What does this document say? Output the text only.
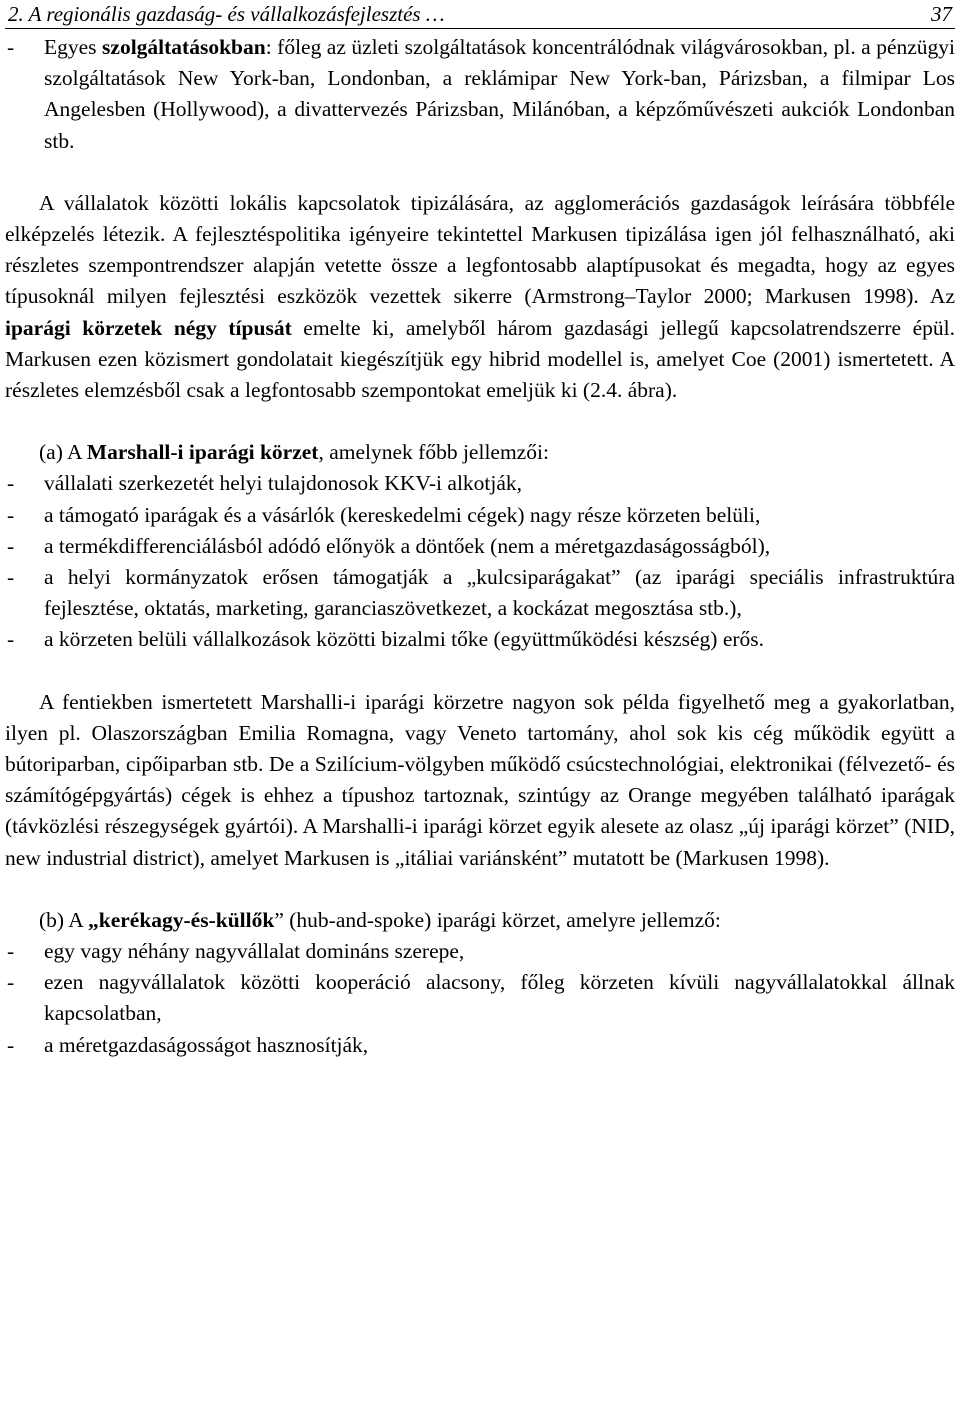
2. A regionális gazdaság- és vállalkozásfejlesztés …	37

- Egyes szolgáltatásokban: főleg az üzleti szolgáltatások koncentrálódnak világvárosokban, pl. a pénzügyi szolgáltatások New York-ban, Londonban, a reklámipar New York-ban, Párizsban, a filmipar Los Angelesben (Hollywood), a divattervezés Párizsban, Milánóban, a képzőművészeti aukciók Londonban stb.

A vállalatok közötti lokális kapcsolatok tipizálására, az agglomerációs gazdaságok leírására többféle elképzelés létezik. A fejlesztéspolitika igényeire tekintettel Markusen tipizálása igen jól felhasználható, aki részletes szempontrendszer alapján vetette össze a legfontosabb alaptípusokat és megadta, hogy az egyes típusoknál milyen fejlesztési eszközök vezettek sikerre (Armstrong–Taylor 2000; Markusen 1998). Az iparági körzetek négy típusát emelte ki, amelyből három gazdasági jellegű kapcsolatrendszerre épül. Markusen ezen közismert gondolatait kiegészítjük egy hibrid modellel is, amelyet Coe (2001) ismertetett. A részletes elemzésből csak a legfontosabb szempontokat emeljük ki (2.4. ábra).

(a) A Marshall-i iparági körzet, amelynek főbb jellemzői:

- vállalati szerkezetét helyi tulajdonosok KKV-i alkotják,

- a támogató iparágak és a vásárlók (kereskedelmi cégek) nagy része körzeten belüli,

- a termékdifferenciálásból adódó előnyök a döntőek (nem a méretgazdaságosságból),

- a helyi kormányzatok erősen támogatják a „kulcsiparágakat” (az iparági speciális infrastruktúra fejlesztése, oktatás, marketing, garanciaszövetkezet, a kockázat megosztása stb.),

- a körzeten belüli vállalkozások közötti bizalmi tőke (együttműködési készség) erős.

A fentiekben ismertetett Marshalli-i iparági körzetre nagyon sok példa figyelhető meg a gyakorlatban, ilyen pl. Olaszországban Emilia Romagna, vagy Veneto tartomány, ahol sok kis cég működik együtt a bútoriparban, cipőiparban stb. De a Szilícium-völgyben működő csúcstechnológiai, elektronikai (félvezető- és számítógépgyártás) cégek is ehhez a típushoz tartoznak, szintúgy az Orange megyében található iparágak (távközlési részegységek gyártói). A Marshalli-i iparági körzet egyik alesete az olasz „új iparági körzet” (NID, new industrial district), amelyet Markusen is „itáliai variánsként” mutatott be (Markusen 1998).

(b) A „kerékagy-és-küllők” (hub-and-spoke) iparági körzet, amelyre jellemző:

- egy vagy néhány nagyvállalat domináns szerepe,

- ezen nagyvállalatok közötti kooperáció alacsony, főleg körzeten kívüli nagyvállalatokkal állnak kapcsolatban,

- a méretgazdaságosságot hasznosítják,
